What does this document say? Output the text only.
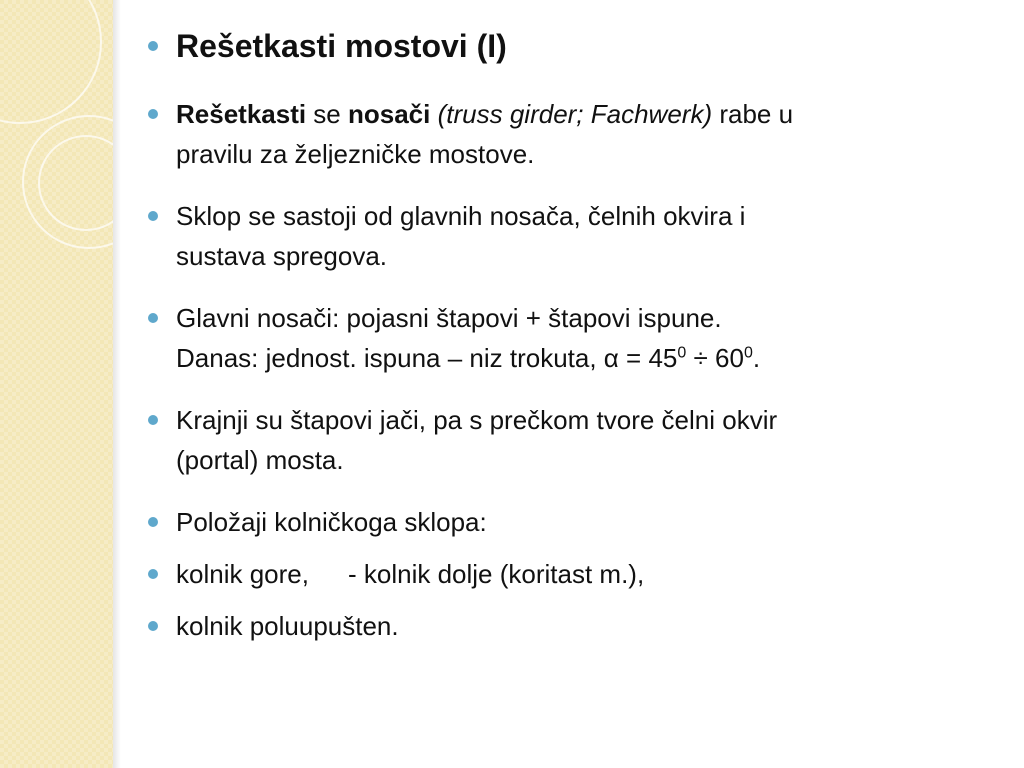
Rešetkasti mostovi (I)
Rešetkasti se nosači (truss girder; Fachwerk) rabe u
pravilu za željezničke mostove.
Sklop se sastoji od glavnih nosača, čelnih okvira i
sustava spregova.
Glavni nosači: pojasni štapovi + štapovi ispune.
Danas: jednost. ispuna – niz trokuta, $\alpha = 45^0 \div 60^0$.
Krajnji su štapovi jači, pa s prečkom tvore čelni okvir
(portal) mosta.
Položaji kolničkoga sklopa:
kolnik gore, - kolnik dolje (koritast m.),
kolnik poluupušten.
